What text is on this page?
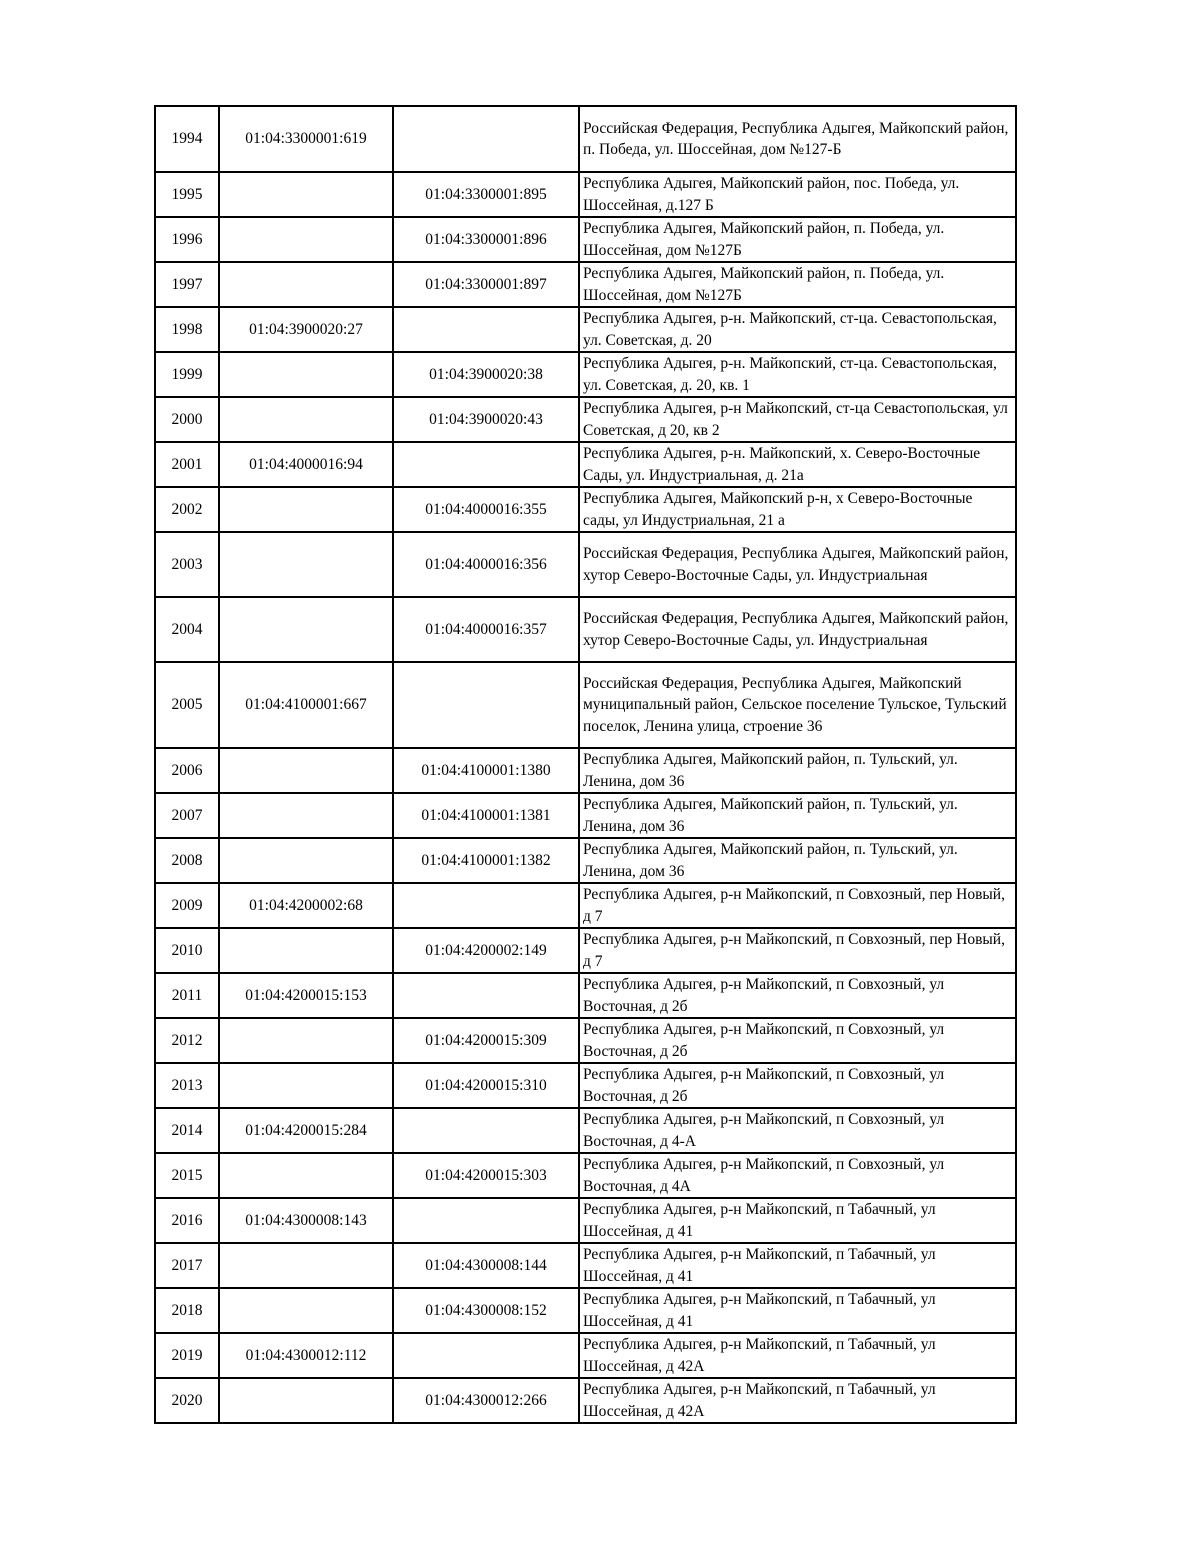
1994	01:04:3300001:619		Российская Федерация, Республика Адыгея, Майкопский район, п. Победа, ул. Шоссейная, дом №127-Б
1995		01:04:3300001:895	Республика Адыгея, Майкопский район, пос. Победа, ул. Шоссейная, д.127 Б
1996		01:04:3300001:896	Республика Адыгея, Майкопский район, п. Победа, ул. Шоссейная, дом №127Б
1997		01:04:3300001:897	Республика Адыгея, Майкопский район, п. Победа, ул. Шоссейная, дом №127Б
1998	01:04:3900020:27		Республика Адыгея, р-н. Майкопский, ст-ца. Севастопольская, ул. Советская, д. 20
1999		01:04:3900020:38	Республика Адыгея, р-н. Майкопский, ст-ца. Севастопольская, ул. Советская, д. 20, кв. 1
2000		01:04:3900020:43	Республика Адыгея, р-н Майкопский, ст-ца Севастопольская, ул Советская, д 20, кв 2
2001	01:04:4000016:94		Республика Адыгея, р-н. Майкопский, х. Северо-Восточные Сады, ул. Индустриальная, д. 21а
2002		01:04:4000016:355	Республика Адыгея, Майкопский р-н, х Северо-Восточные сады, ул Индустриальная, 21 а
2003		01:04:4000016:356	Российская Федерация, Республика Адыгея, Майкопский район, хутор Северо-Восточные Сады, ул. Индустриальная
2004		01:04:4000016:357	Российская Федерация, Республика Адыгея, Майкопский район, хутор Северо-Восточные Сады, ул. Индустриальная
2005	01:04:4100001:667		Российская Федерация, Республика Адыгея, Майкопский муниципальный район, Сельское поселение Тульское, Тульский поселок, Ленина улица, строение 36
2006		01:04:4100001:1380	Республика Адыгея, Майкопский район, п. Тульский, ул. Ленина, дом 36
2007		01:04:4100001:1381	Республика Адыгея, Майкопский район, п. Тульский, ул. Ленина, дом 36
2008		01:04:4100001:1382	Республика Адыгея, Майкопский район, п. Тульский, ул. Ленина, дом 36
2009	01:04:4200002:68		Республика Адыгея, р-н Майкопский, п Совхозный, пер Новый, д 7
2010		01:04:4200002:149	Республика Адыгея, р-н Майкопский, п Совхозный, пер Новый, д 7
2011	01:04:4200015:153		Республика Адыгея, р-н Майкопский, п Совхозный, ул Восточная, д 2б
2012		01:04:4200015:309	Республика Адыгея, р-н Майкопский, п Совхозный, ул Восточная, д 2б
2013		01:04:4200015:310	Республика Адыгея, р-н Майкопский, п Совхозный, ул Восточная, д 2б
2014	01:04:4200015:284		Республика Адыгея, р-н Майкопский, п Совхозный, ул Восточная, д 4-А
2015		01:04:4200015:303	Республика Адыгея, р-н Майкопский, п Совхозный, ул Восточная, д 4А
2016	01:04:4300008:143		Республика Адыгея, р-н Майкопский, п Табачный, ул Шоссейная, д 41
2017		01:04:4300008:144	Республика Адыгея, р-н Майкопский, п Табачный, ул Шоссейная, д 41
2018		01:04:4300008:152	Республика Адыгея, р-н Майкопский, п Табачный, ул Шоссейная, д 41
2019	01:04:4300012:112		Республика Адыгея, р-н Майкопский, п Табачный, ул Шоссейная, д 42А
2020		01:04:4300012:266	Республика Адыгея, р-н Майкопский, п Табачный, ул Шоссейная, д 42А
